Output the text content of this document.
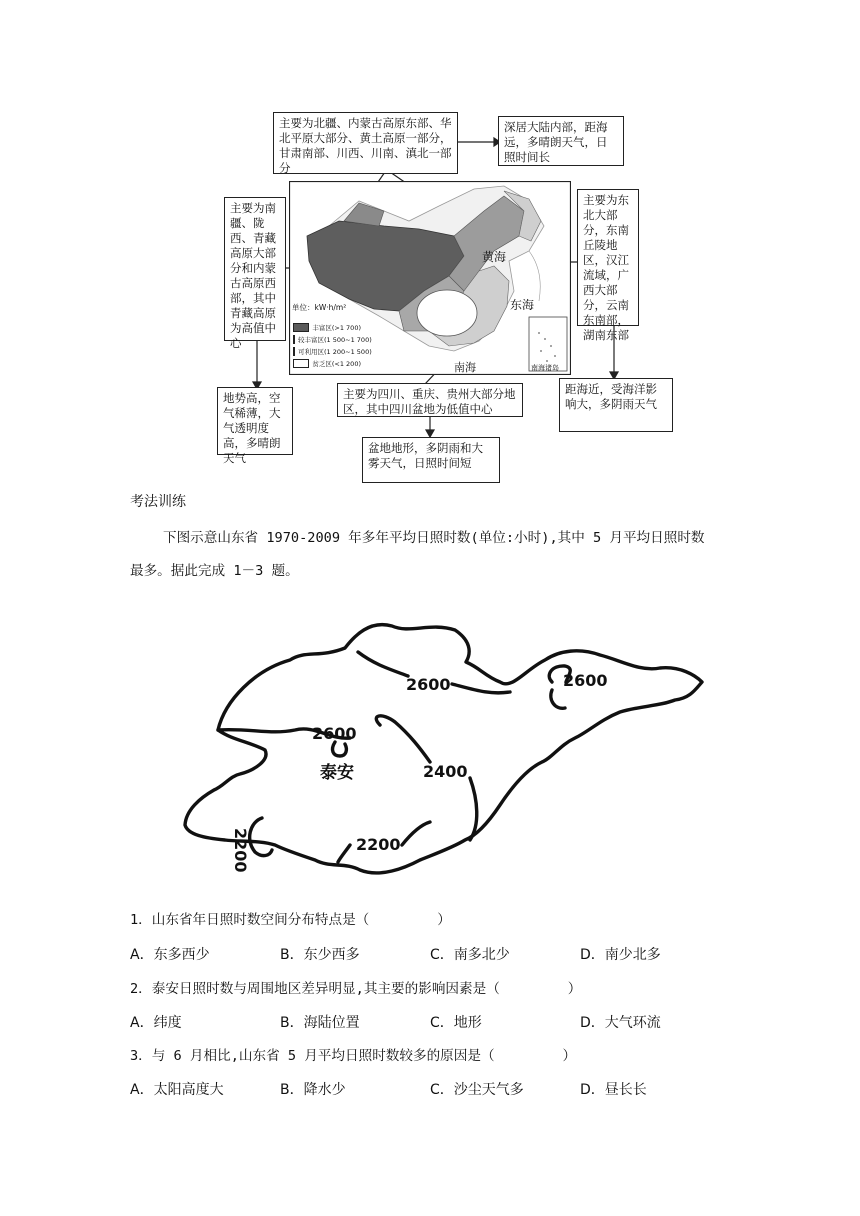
黄海
东海
南海
单位：kW·h/m²
南海诸岛
丰富区(>1 700)
较丰富区(1 500~1 700)
可利用区(1 200~1 500)
贫乏区(<1 200)
主要为北疆、内蒙古高原东部、华北平原大部分、黄土高原一部分，甘肃南部、川西、川南、滇北一部分
深居大陆内部，距海远，多晴朗天气，日照时间长
主要为南疆、陇西、青藏高原大部分和内蒙古高原西部，其中青藏高原为高值中心
地势高，空气稀薄，大气透明度高，多晴朗天气
主要为东北大部分，东南丘陵地区，汉江流域，广西大部分，云南东南部，湖南东部
距海近，受海洋影响大，多阴雨天气
主要为四川、重庆、贵州大部分地区，其中四川盆地为低值中心
盆地地形，多阴雨和大雾天气，日照时间短
考法训练
下图示意山东省 1970-2009 年多年平均日照时数(单位:小时),其中 5 月平均日照时数
最多。据此完成 1－3 题。
2600	2600
2600
泰安	2400
2200	2200
1．山东省年日照时数空间分布特点是（　　　　　）
A．东多西少	B．东少西多	C．南多北少	D．南少北多
2．泰安日照时数与周围地区差异明显,其主要的影响因素是（　　　　　）
A．纬度	B．海陆位置	C．地形	D．大气环流
3．与 6 月相比,山东省 5 月平均日照时数较多的原因是（　　　　　）
A．太阳高度大	B．降水少	C．沙尘天气多	D．昼长长
